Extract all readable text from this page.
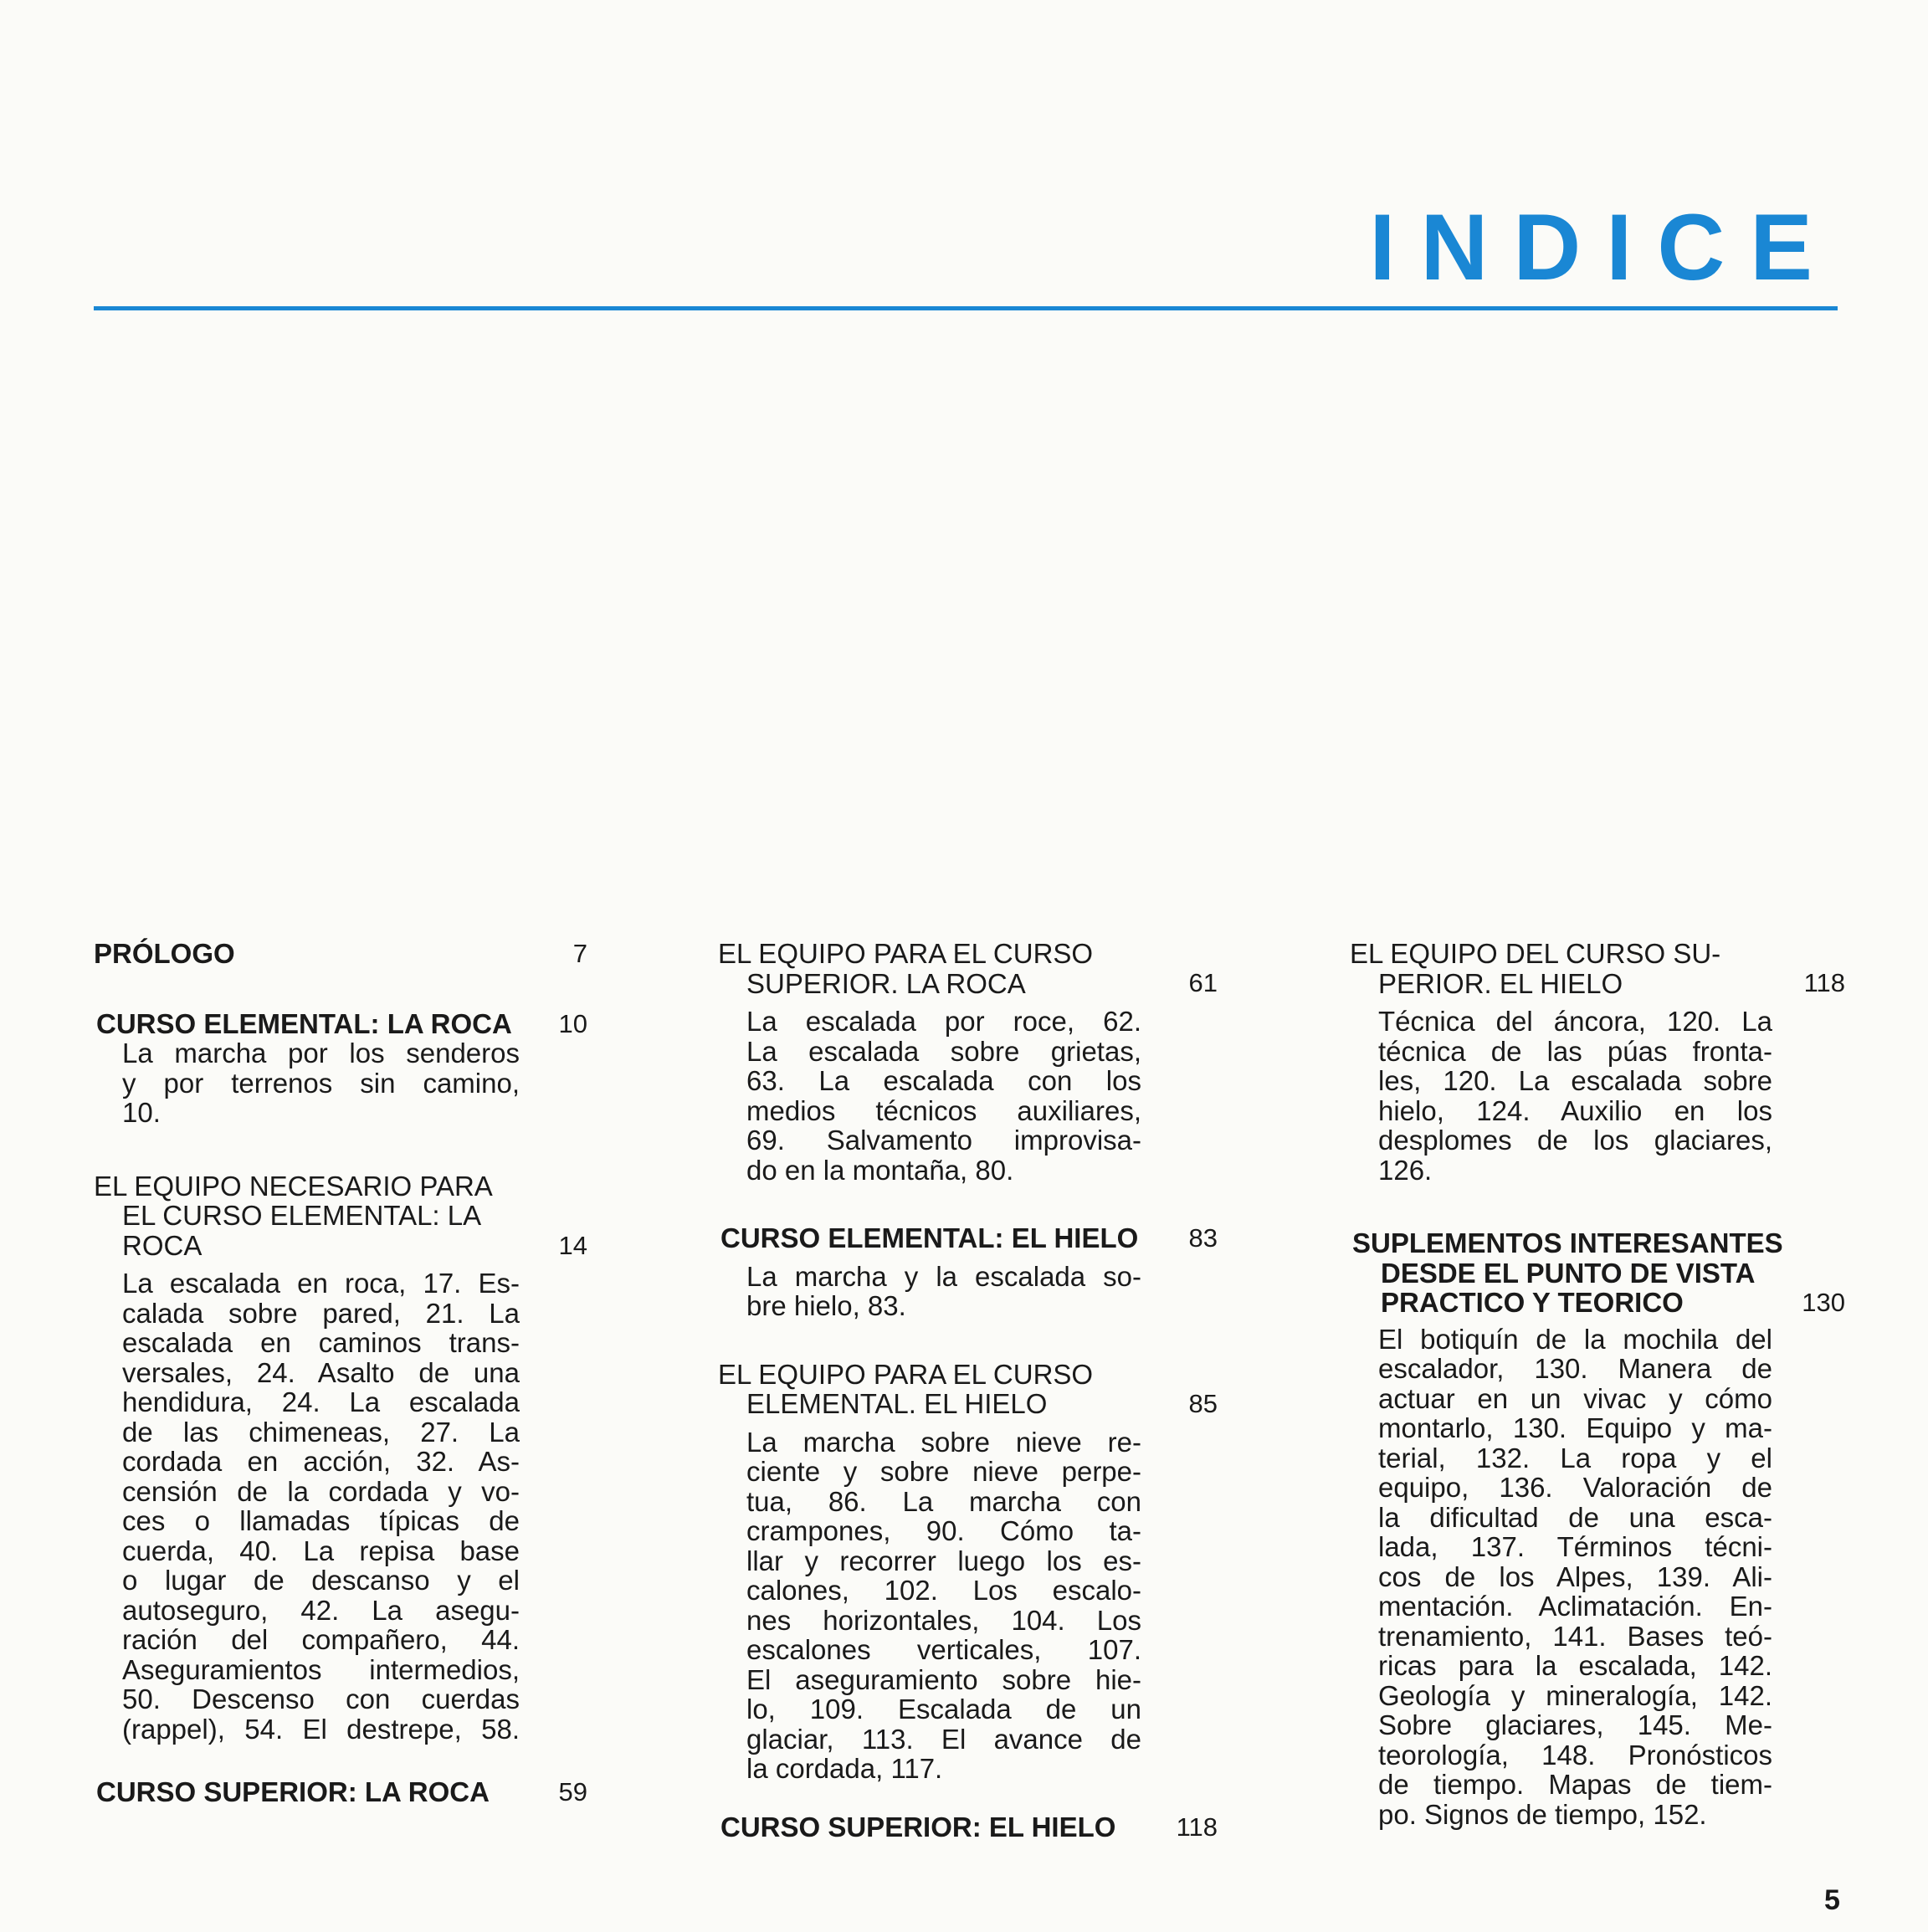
INDICE

PRÓLOGO	7

CURSO ELEMENTAL: LA ROCA	10
La marcha por los senderos
y por terrenos sin camino,
10.

EL EQUIPO NECESARIO PARA
EL CURSO ELEMENTAL: LA
ROCA	14
La escalada en roca, 17. Es-
calada sobre pared, 21. La
escalada en caminos trans-
versales, 24. Asalto de una
hendidura, 24. La escalada
de las chimeneas, 27. La
cordada en acción, 32. As-
censión de la cordada y vo-
ces o llamadas típicas de
cuerda, 40. La repisa base
o lugar de descanso y el
autoseguro, 42. La asegu-
ración del compañero, 44.
Aseguramientos intermedios,
50. Descenso con cuerdas
(rappel), 54. El destrepe, 58.

CURSO SUPERIOR: LA ROCA	59

EL EQUIPO PARA EL CURSO
SUPERIOR. LA ROCA	61
La escalada por roce, 62.
La escalada sobre grietas,
63. La escalada con los
medios técnicos auxiliares,
69. Salvamento improvisa-
do en la montaña, 80.

CURSO ELEMENTAL: EL HIELO	83
La marcha y la escalada so-
bre hielo, 83.

EL EQUIPO PARA EL CURSO
ELEMENTAL. EL HIELO	85
La marcha sobre nieve re-
ciente y sobre nieve perpe-
tua, 86. La marcha con
crampones, 90. Cómo ta-
llar y recorrer luego los es-
calones, 102. Los escalo-
nes horizontales, 104. Los
escalones verticales, 107.
El aseguramiento sobre hie-
lo, 109. Escalada de un
glaciar, 113. El avance de
la cordada, 117.

CURSO SUPERIOR: EL HIELO	118

EL EQUIPO DEL CURSO SU-
PERIOR. EL HIELO	118
Técnica del áncora, 120. La
técnica de las púas fronta-
les, 120. La escalada sobre
hielo, 124. Auxilio en los
desplomes de los glaciares,
126.

SUPLEMENTOS INTERESANTES
DESDE EL PUNTO DE VISTA
PRACTICO Y TEORICO	130
El botiquín de la mochila del
escalador, 130. Manera de
actuar en un vivac y cómo
montarlo, 130. Equipo y ma-
terial, 132. La ropa y el
equipo, 136. Valoración de
la dificultad de una esca-
lada, 137. Términos técni-
cos de los Alpes, 139. Ali-
mentación. Aclimatación. En-
trenamiento, 141. Bases teó-
ricas para la escalada, 142.
Geología y mineralogía, 142.
Sobre glaciares, 145. Me-
teorología, 148. Pronósticos
de tiempo. Mapas de tiem-
po. Signos de tiempo, 152.
5
